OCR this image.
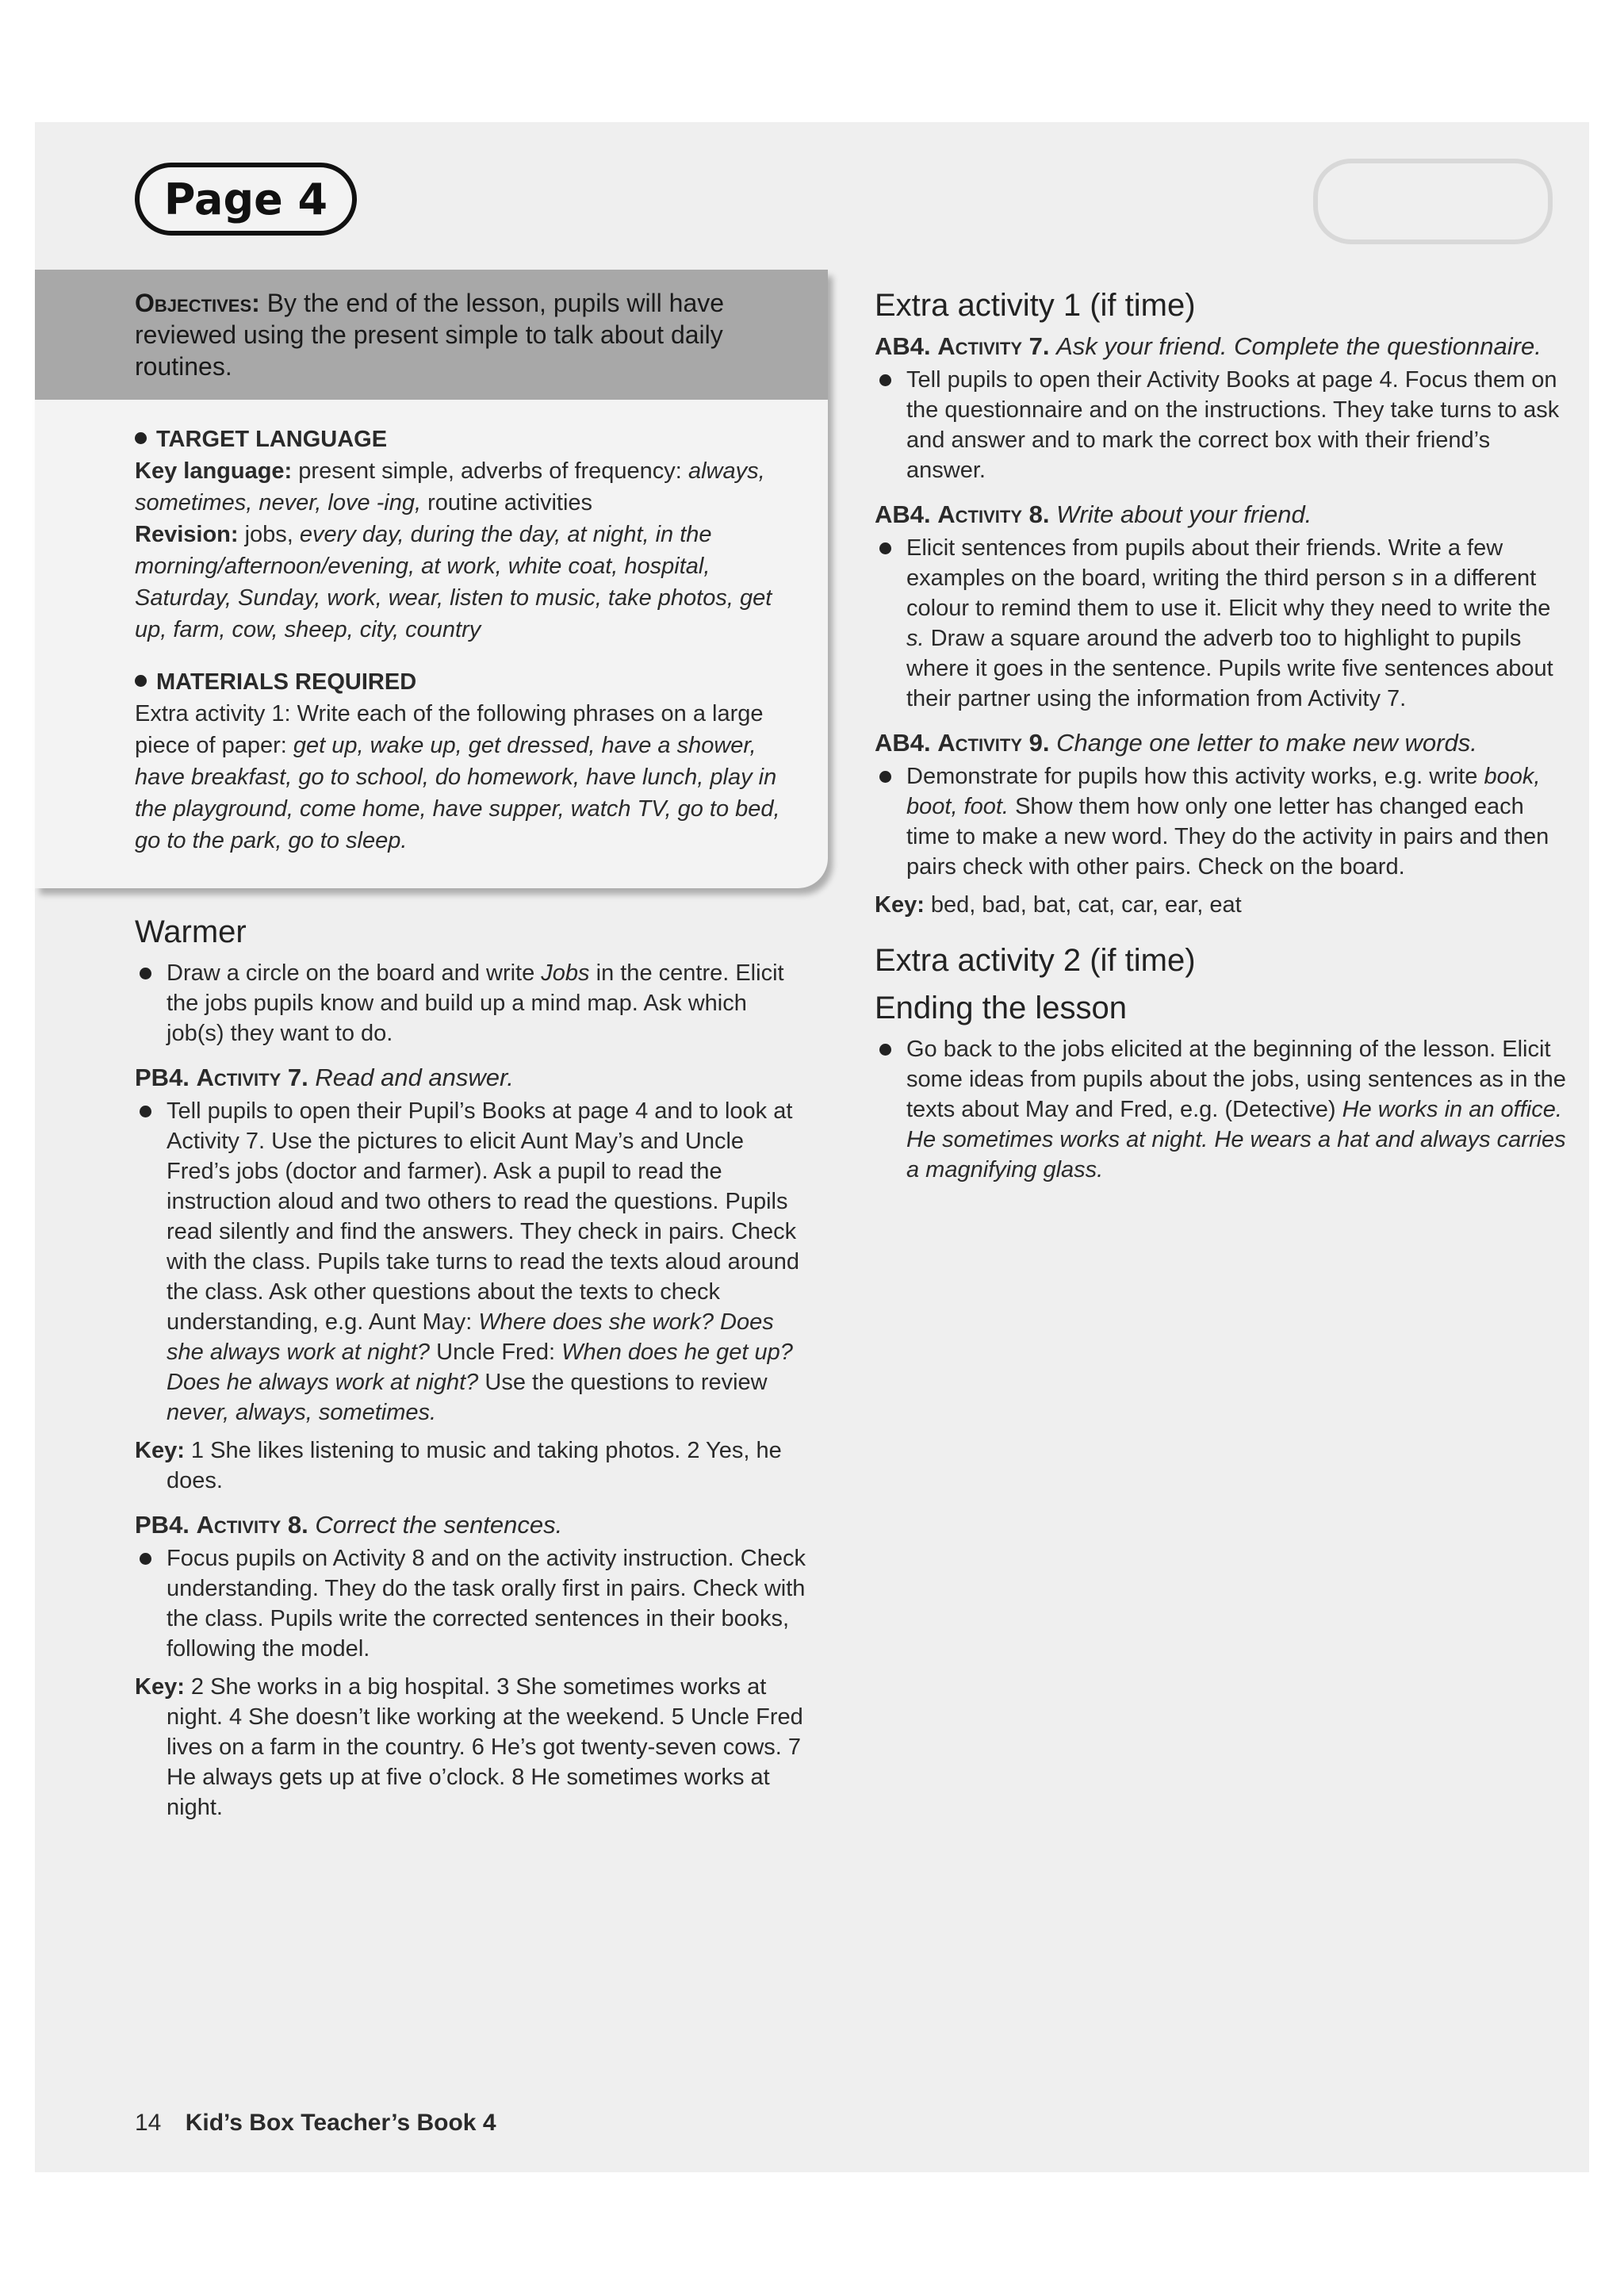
Page 4
Objectives: By the end of the lesson, pupils will have reviewed using the present simple to talk about daily routines.
TARGET LANGUAGE
Key language: present simple, adverbs of frequency: always, sometimes, never, love -ing, routine activities
Revision: jobs, every day, during the day, at night, in the morning/afternoon/evening, at work, white coat, hospital, Saturday, Sunday, work, wear, listen to music, take photos, get up, farm, cow, sheep, city, country
MATERIALS REQUIRED
Extra activity 1: Write each of the following phrases on a large piece of paper: get up, wake up, get dressed, have a shower, have breakfast, go to school, do homework, have lunch, play in the playground, come home, have supper, watch TV, go to bed, go to the park, go to sleep.
Warmer

Draw a circle on the board and write Jobs in the centre. Elicit the jobs pupils know and build up a mind map. Ask which job(s) they want to do.

PB4. Activity 7. Read and answer.

Tell pupils to open their Pupil’s Books at page 4 and to look at Activity 7. Use the pictures to elicit Aunt May’s and Uncle Fred’s jobs (doctor and farmer). Ask a pupil to read the instruction aloud and two others to read the questions. Pupils read silently and find the answers. They check in pairs. Check with the class. Pupils take turns to read the texts aloud around the class. Ask other questions about the texts to check understanding, e.g. Aunt May: Where does she work? Does she always work at night? Uncle Fred: When does he get up? Does he always work at night? Use the questions to review never, always, sometimes.

Key: 1 She likes listening to music and taking photos. 2 Yes, he does.

PB4. Activity 8. Correct the sentences.

Focus pupils on Activity 8 and on the activity instruction. Check understanding. They do the task orally first in pairs. Check with the class. Pupils write the corrected sentences in their books, following the model.

Key: 2 She works in a big hospital. 3 She sometimes works at night. 4 She doesn’t like working at the weekend. 5 Uncle Fred lives on a farm in the country. 6 He’s got twenty-seven cows. 7 He always gets up at five o’clock. 8 He sometimes works at night.

Extra activity 1 (if time)
AB4. Activity 7. Ask your friend. Complete the questionnaire.

Tell pupils to open their Activity Books at page 4. Focus them on the questionnaire and on the instructions. They take turns to ask and answer and to mark the correct box with their friend’s answer.

AB4. Activity 8. Write about your friend.

Elicit sentences from pupils about their friends. Write a few examples on the board, writing the third person s in a different colour to remind them to use it. Elicit why they need to write the s. Draw a square around the adverb too to highlight to pupils where it goes in the sentence. Pupils write five sentences about their partner using the information from Activity 7.

AB4. Activity 9. Change one letter to make new words.

Demonstrate for pupils how this activity works, e.g. write book, boot, foot. Show them how only one letter has changed each time to make a new word. They do the activity in pairs and then pairs check with other pairs. Check on the board.

Key: bed, bad, bat, cat, car, ear, eat

Extra activity 2 (if time)
Ending the lesson

Go back to the jobs elicited at the beginning of the lesson. Elicit some ideas from pupils about the jobs, using sentences as in the texts about May and Fred, e.g. (Detective) He works in an office. He sometimes works at night. He wears a hat and always carries a magnifying glass.

14 Kid’s Box Teacher’s Book 4
